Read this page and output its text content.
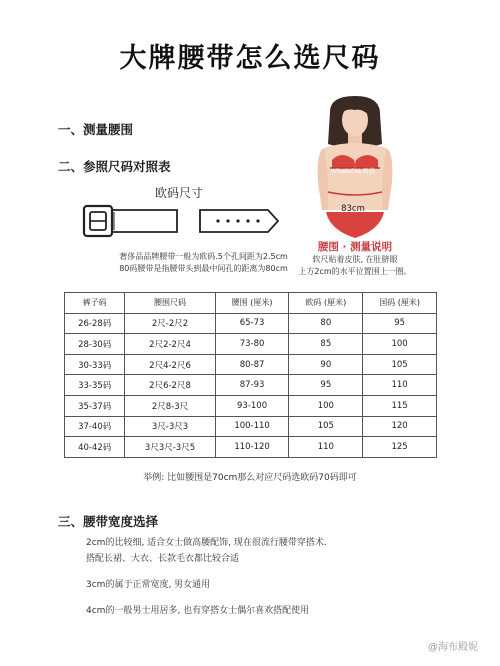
大牌腰带怎么选尺码
一、测量腰围
二、参照尺码对照表
欧码尺寸
奢侈品品牌腰带一般为欧码.5个孔间距为2.5cm
80码腰带是指腰带头到最中间孔的距离为80cm
WhaleFAL奢侈
83cm
腰围 · 测量说明
软尺贴着皮肤, 在肚脐眼
上方2cm的水平位置围上一圈。
裤子码	腰围尺码	腰围 (厘米)	欧码 (厘米)	国码 (厘米)
26-28码	2尺-2尺2	65-73	80	95
28-30码	2尺2-2尺4	73-80	85	100
30-33码	2尺4-2尺6	80-87	90	105
33-35码	2尺6-2尺8	87-93	95	110
35-37码	2尺8-3尺	93-100	100	115
37-40码	3尺-3尺3	100-110	105	120
40-42码	3尺3尺-3尺5	110-120	110	125
举例: 比如腰围是70cm那么对应尺码选欧码70码即可
三、腰带宽度选择
2cm的比较细, 适合女士做高腰配饰, 现在很流行腰带穿搭术.
搭配长裙、大衣、长款毛衣都比较合适
3cm的属于正常宽度, 男女通用
4cm的一般男士用居多, 也有穿搭女士偶尔喜欢搭配使用
@海布殿妮
